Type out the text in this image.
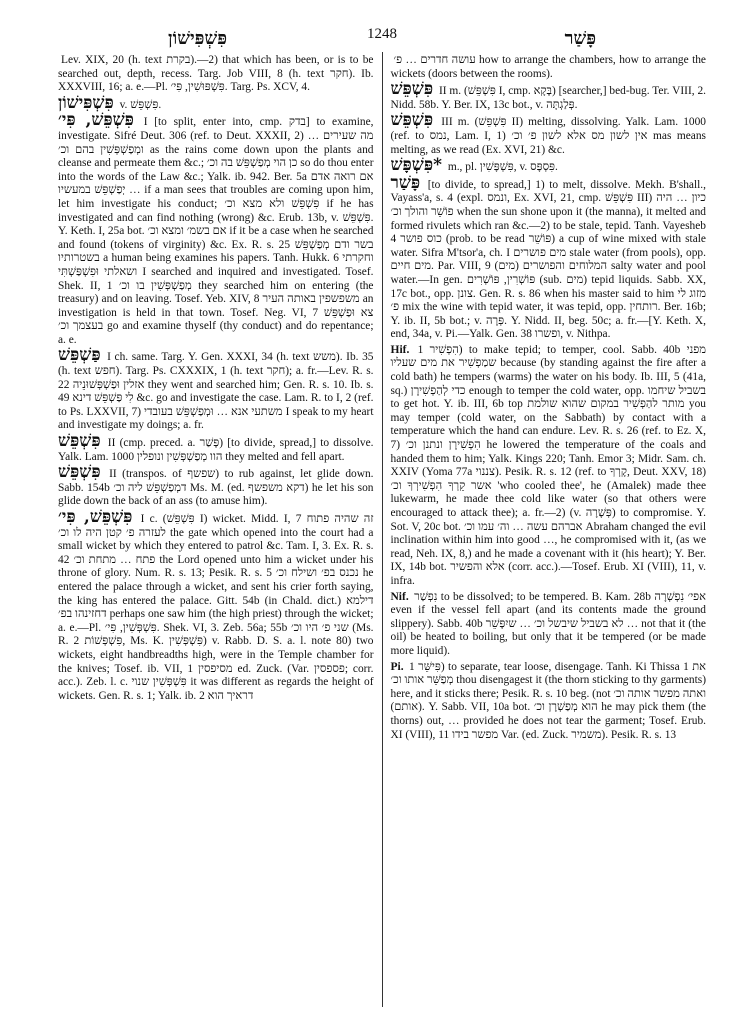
פִּשְׁפִּישׁוֹן	1248	פָּשַׁר

Lev. XIX, 20 (h. text בקרת).—2) that which has been, or is to be searched out, depth, recess. Targ. Job VIII, 8 (h. text חקר). Ib. XXXVIII, 16; a. e.—Pl. פִּשְׁפּוּשִׁין, פִּי׳. Targ. Ps. XCV, 4.

פִּשְׁפִּישׁוֹן v. פִּשְׁפֵּשׁ.

פִּשְׁפֵּשׁ, פִּי׳ I [to split, enter into, cmp. בדק] to examine, investigate. Sifré Deut. 306 (ref. to Deut. XXXII, 2) מה שעירים … ומְפַשְׁפְּשִׁין בהם וכ׳ as the rains come down upon the plants and cleanse and permeate them &c.; כן הוי מְפַשְׁפֵּשׁ בה וכ׳ so do thou enter into the words of the Law &c.; Yalk. ib. 942. Ber. 5a אם רואה אדם … יְפַשְׁפֵּשׁ במעשיו if a man sees that troubles are coming upon him, let him investigate his conduct; פִּשְׁפֵּשׁ ולא מצא וכ׳ if he has investigated and can find nothing (wrong) &c. Erub. 13b, v. פִּשְׁפֵּשׁ. Y. Keth. I, 25a bot. אם בשמ׳ ומצא וכ׳ if it be a case when he searched and found (tokens of virginity) &c. Ex. R. s. 25 בשר ודם מְפַשְׁפֵּשׁ בשטרותיו a human being examines his papers. Tanh. Hukk. 6 וחקרתי ושאלתי וּפִשְׁפַּשְׁתִּי I searched and inquired and investigated. Tosef. Shek. II, 1 מְפַשְׁפְּשִׁין בו וכ׳ they searched him on entering (the treasury) and on leaving. Tosef. Yeb. XIV, 8 משפשפין באותה העיר an investigation is held in that town. Tosef. Neg. VI, 7 צא וּפַשְׁפֵּשׁ בעצמך וכ׳ go and examine thyself (thy conduct) and do repentance; a. e.

פַּשְׁפֵּשׁ I ch. same. Targ. Y. Gen. XXXI, 34 (h. text משש). Ib. 35 (h. text חפש). Targ. Ps. CXXXIX, 1 (h. text חקר); a. fr.—Lev. R. s. 22 אזלין וּפַשְׁפְּשׁוּנֵיה they went and searched him; Gen. R. s. 10. Ib. s. 49 לִי פַּשְׁפֵּשׁ דינא &c. go and investigate the case. Lam. R. to I, 2 (ref. to Ps. LXXVII, 7) משתעי אנא … וּמְפַשְׁפֵּשׁ בעובדי I speak to my heart and investigate my doings; a. fr.

פִּשְׁפֵּשׁ II (cmp. preced. a. פָּשַׁר) [to divide, spread,] to dissolve. Yalk. Lam. 1000 הוו מְפַשְׁפְּשִׁין ונופלין they melted and fell apart.

פִּשְׁפֵּשׁ II (transpos. of שפשף) to rub against, let glide down. Sabb. 154b דמְפַשְׁפֵּשׁ ליה וכ׳ Ms. M. (ed. דקא משפשף) he let his son glide down the back of an ass (to amuse him).

פִּשְׁפֵּשׁ, פִּי׳ I c. (פִּשְׁפֵּשׁ I) wicket. Midd. I, 7 זה שהיה פתוח לעזרה פ׳ קטן היה לו וכ׳ the gate which opened into the court had a small wicket by which they entered to patrol &c. Tam. I, 3. Ex. R. s. 42 פתח … מתחת וכ׳ the Lord opened unto him a wicket under his throne of glory. Num. R. s. 13; Pesik. R. s. 5 נכנס בפ׳ ושילח וכ׳ he entered the palace through a wicket, and sent his crier forth saying, the king has entered the palace. Gitt. 54b (in Chald. dict.) דילמא דחזינהו בפ׳ perhaps one saw him (the high priest) through the wicket; a. e.—Pl. פִּשְׁפְּשִׁין, פִּי׳. Shek. VI, 3. Zeb. 56a; 55b שני פ׳ היו וכ׳ (Ms. R. 2 פִּשְׁפְּשׁוֹת, Ms. K. פִּשְׁפְּשִׁין) v. Rabb. D. S. a. l. note 80) two wickets, eight handbreadths high, were in the Temple chamber for the knives; Tosef. ib. VII, 1 מסיפסין ed. Zuck. (Var. פספסין; corr. acc.). Zeb. l. c. פִּשְׁפְּשִׁין שנוי it was different as regards the height of wickets. Gen. R. s. 1; Yalk. ib. 2 דראיך הוא

עושה חדרים … פ׳ how to arrange the chambers, how to arrange the wickets (doors between the rooms).

פִּשְׁפֵּשׁ II m. (פִּשְׁפֵּשׁ I, cmp. בָּקָא) [searcher,] bed-bug. Ter. VIII, 2. Nidd. 58b. Y. Ber. IX, 13c bot., v. פְּלַגְתָּה.

פִּשְׁפֵּשׁ III m. (פִּשְׁפֵּשׁ II) melting, dissolving. Yalk. Lam. 1000 (ref. to נמס, Lam. I, 1) אין לשון מס אלא לשון פ׳ וכ׳ mas means melting, as we read (Ex. XVI, 21) &c.

*פִּשְׁפָּשׁ m., pl. פִּשְׁפָּשִׁין, v. פִּסְפָּס.

פָּשַׁר [to divide, to spread,] 1) to melt, dissolve. Mekh. B'shall., Vayass'a, s. 4 (expl. ונמס, Ex. XVI, 21, cmp. פִּשְׁפֵּשׁ III) כיון … היה פוֹשֵׁר והולך וכ׳ when the sun shone upon it (the manna), it melted and formed rivulets which ran &c.—2) to be stale, tepid. Tanh. Vayesheb 4 כוס פושר (prob. to be read פּוֹשֵׁר) a cup of wine mixed with stale water. Sifra M'tsor'a, ch. I מים פושרים stale water (from pools), opp. מים חיים. Par. VIII, 9 (מים) המלוחים והפושרים salty water and pool water.—In gen. פּוֹשְׁרִין, פּוֹשְׁרִים (sub. מים) tepid liquids. Sabb. XX, 17c bot., opp. צונן. Gen. R. s. 86 when his master said to him מזוג לי פ׳ mix the wine with tepid water, it was tepid, opp. רותחין. Ber. 16b; Y. ib. II, 5b bot.; v. פְּרָה. Y. Nidd. II, beg. 50c; a. fr.—[Y. Keth. X, end, 34a, v. Pi.—Yalk. Gen. 38 ופשרו, v. Nithpa.

Hif. הִפְשִׁיר 1) to make tepid; to temper, cool. Sabb. 40b מפני שמַפְשִׁיר את מים שעליו because (by standing against the fire after a cold bath) he tempers (warms) the water on his body. Ib. III, 5 (41a, sq.) כדי לְהַפְשִׁירָן enough to temper the cold water, opp. בשביל שיחמו to get hot. Y. ib. III, 6b top מותר להַפְשִׁיר במקום שהוא שולמת you may temper (cold water, on the Sabbath) by contact with a temperature which the hand can endure. Lev. R. s. 26 (ref. to Ez. X, 7) הִפְשִׁירָן ונתנן וכ׳ he lowered the temperature of the coals and handed them to him; Yalk. Kings 220; Tanh. Emor 3; Midr. Sam. ch. XXIV (Yoma 77a צננוי). Pesik. R. s. 12 (ref. to קָרְךָ, Deut. XXV, 18) אשר קֵרְךָ הִפְשִׁירְךָ וכ׳ 'who cooled thee', he (Amalek) made thee lukewarm, he made thee cold like water (so that others were encouraged to attack thee); a. fr.—2) (v. פְּשָׁרָה) to compromise. Y. Sot. V, 20c bot. אברהם עשה … וה׳ עמו וכ׳ Abraham changed the evil inclination within him into good …, he compromised with it, (as we read, Neh. IX, 8,) and he made a covenant with it (his heart); Y. Ber. IX, 14b bot. אלא והפשיר (corr. acc.).—Tosef. Erub. XI (VIII), 11, v. infra.

Nif. נִפְשַׁר to be dissolved; to be tempered. B. Kam. 28b אפי׳ נִפְשְׁרָה even if the vessel fell apart (and its contents made the ground slippery). Sabb. 40b לא בשביל שיבשל וכ׳ … שיִפָּשֵׁר … not that it (the oil) be heated to boiling, but only that it be tempered (or be made more liquid).

Pi. פִּישֵּׁר 1) to separate, tear loose, disengage. Tanh. Ki Thissa 1 את מְפַשֵּׁר אותו וכ׳ thou disengagest it (the thorn sticking to thy garments) here, and it sticks there; Pesik. R. s. 10 beg. (not ואתה מפשר אותה וכ׳ (אותם). Y. Sabb. VII, 10a bot. הוא מְפַשְׁרָן וכ׳ he may pick them (the thorns) out, … provided he does not tear the garment; Tosef. Erub. XI (VIII), 11 מפשר בידו Var. (ed. Zuck. משמיר). Pesik. R. s. 13
